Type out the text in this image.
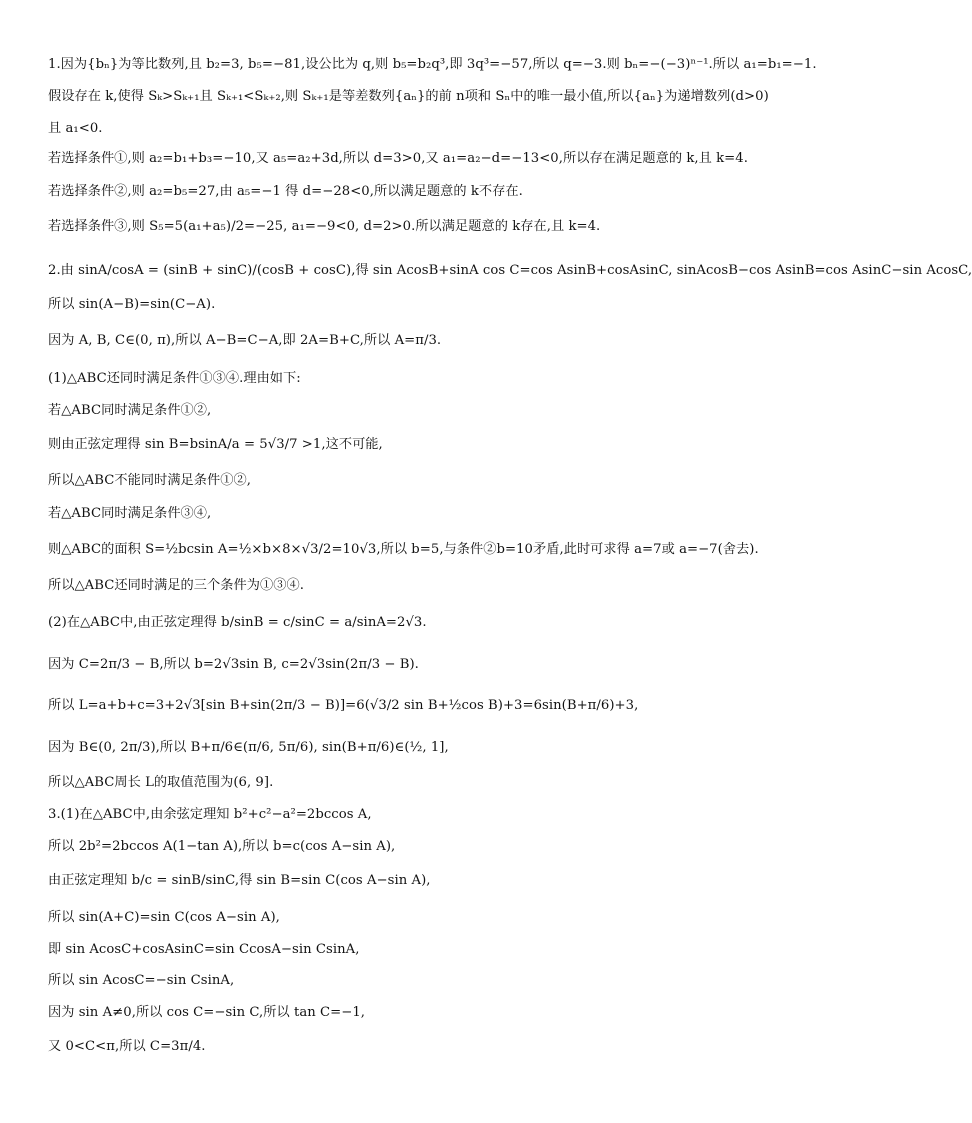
1.因为{bₙ}为等比数列,且 b₂=3, b₅=−81,设公比为 q,则 b₅=b₂q³,即 3q³=−57,所以 q=−3.则 bₙ=−(−3)ⁿ⁻¹.所以 a₁=b₁=−1.
假设存在 k,使得 Sₖ>Sₖ₊₁且 Sₖ₊₁<Sₖ₊₂,则 Sₖ₊₁是等差数列{aₙ}的前 n项和 Sₙ中的唯一最小值,所以{aₙ}为递增数列(d>0)
且 a₁<0.
若选择条件①,则 a₂=b₁+b₃=−10,又 a₅=a₂+3d,所以 d=3>0,又 a₁=a₂−d=−13<0,所以存在满足题意的 k,且 k=4.
若选择条件②,则 a₂=b₅=27,由 a₅=−1 得 d=−28<0,所以满足题意的 k不存在.
若选择条件③,则 S₅=5(a₁+a₅)/2=−25, a₁=−9<0, d=2>0.所以满足题意的 k存在,且 k=4.
2.由 sinA/cosA = (sinB + sinC)/(cosB + cosC),得 sin AcosB+sinA cos C=cos AsinB+cosAsinC, sinAcosB−cos AsinB=cos AsinC−sin AcosC,
所以 sin(A−B)=sin(C−A).
因为 A, B, C∈(0, π),所以 A−B=C−A,即 2A=B+C,所以 A=π/3.
(1)△ABC还同时满足条件①③④.理由如下:
若△ABC同时满足条件①②,
则由正弦定理得 sin B=bsinA/a = 5√3/7 >1,这不可能,
所以△ABC不能同时满足条件①②,
若△ABC同时满足条件③④,
则△ABC的面积 S=½bcsin A=½×b×8×√3/2=10√3,所以 b=5,与条件②b=10矛盾,此时可求得 a=7或 a=−7(舍去).
所以△ABC还同时满足的三个条件为①③④.
(2)在△ABC中,由正弦定理得 b/sinB = c/sinC = a/sinA=2√3.
因为 C=2π/3 − B,所以 b=2√3sin B, c=2√3sin(2π/3 − B).
所以 L=a+b+c=3+2√3[sin B+sin(2π/3 − B)]=6(√3/2 sin B+½cos B)+3=6sin(B+π/6)+3,
因为 B∈(0, 2π/3),所以 B+π/6∈(π/6, 5π/6), sin(B+π/6)∈(½, 1],
所以△ABC周长 L的取值范围为(6, 9].
3.(1)在△ABC中,由余弦定理知 b²+c²−a²=2bccos A,
所以 2b²=2bccos A(1−tan A),所以 b=c(cos A−sin A),
由正弦定理知 b/c = sinB/sinC,得 sin B=sin C(cos A−sin A),
所以 sin(A+C)=sin C(cos A−sin A),
即 sin AcosC+cosAsinC=sin CcosA−sin CsinA,
所以 sin AcosC=−sin CsinA,
因为 sin A≠0,所以 cos C=−sin C,所以 tan C=−1,
又 0<C<π,所以 C=3π/4.
